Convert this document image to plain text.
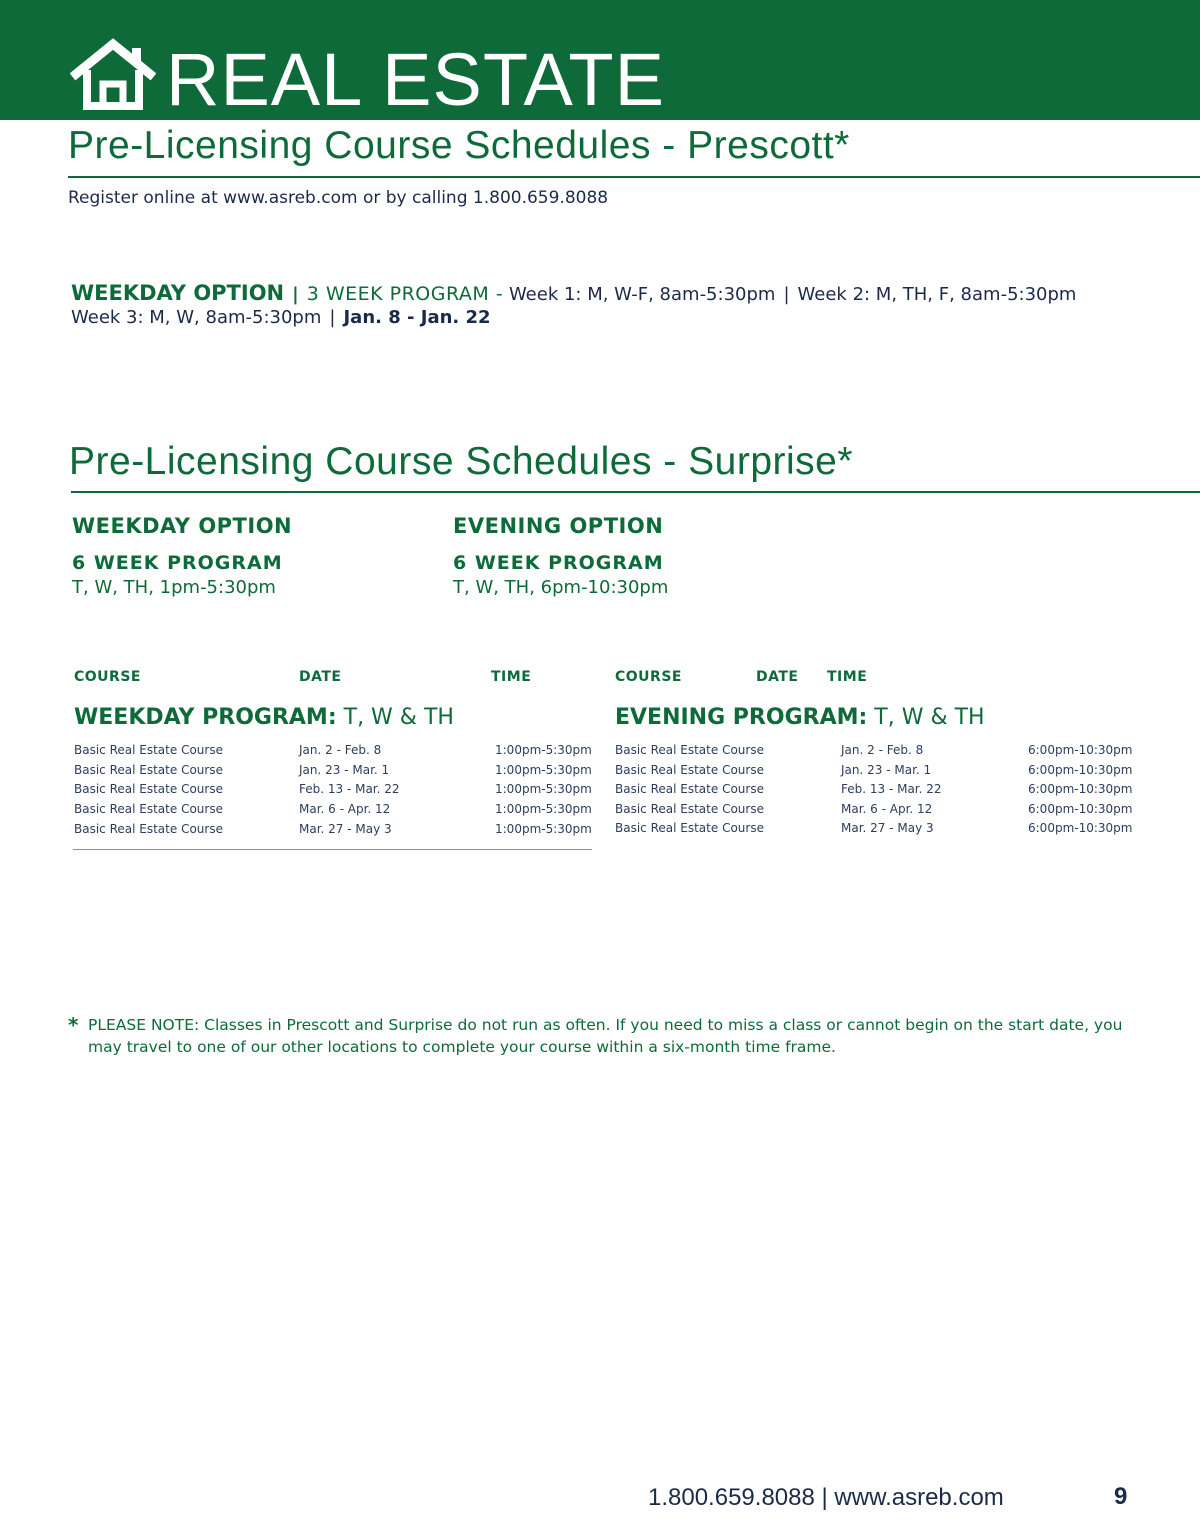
REAL ESTATE
Pre-Licensing Course Schedules - Prescott*
Register online at www.asreb.com or by calling 1.800.659.8088
WEEKDAY OPTION | 3 WEEK PROGRAM - Week 1: M, W-F, 8am-5:30pm | Week 2: M, TH, F, 8am-5:30pm
Week 3: M, W, 8am-5:30pm | Jan. 8 - Jan. 22
Pre-Licensing Course Schedules - Surprise*
WEEKDAY OPTION
6 WEEK PROGRAM
T, W, TH, 1pm-5:30pm
EVENING OPTION
6 WEEK PROGRAM
T, W, TH, 6pm-10:30pm
COURSE	DATE	TIME
WEEKDAY PROGRAM: T, W & TH
Basic Real Estate Course	Jan. 2 - Feb. 8	1:00pm-5:30pm
Basic Real Estate Course	Jan. 23 - Mar. 1	1:00pm-5:30pm
Basic Real Estate Course	Feb. 13 - Mar. 22	1:00pm-5:30pm
Basic Real Estate Course	Mar. 6 - Apr. 12	1:00pm-5:30pm
Basic Real Estate Course	Mar. 27 - May 3	1:00pm-5:30pm
COURSE	DATE TIME
EVENING PROGRAM: T, W & TH
Basic Real Estate Course	Jan. 2 - Feb. 8	6:00pm-10:30pm
Basic Real Estate Course	Jan. 23 - Mar. 1	6:00pm-10:30pm
Basic Real Estate Course	Feb. 13 - Mar. 22	6:00pm-10:30pm
Basic Real Estate Course	Mar. 6 - Apr. 12	6:00pm-10:30pm
Basic Real Estate Course	Mar. 27 - May 3	6:00pm-10:30pm
* PLEASE NOTE: Classes in Prescott and Surprise do not run as often. If you need to miss a class or cannot begin on the start date, you may travel to one of our other locations to complete your course within a six-month time frame.
1.800.659.8088 | www.asreb.com	9
